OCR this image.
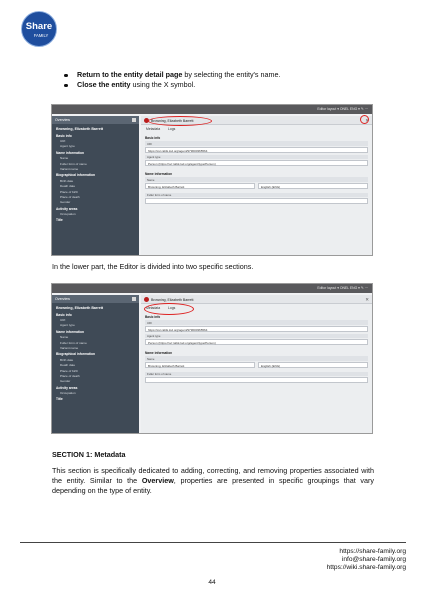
Share
FAMILY
Return to the entity detail page by selecting the entity's name.
Close the entity using the X symbol.
Editor layout ▾ ONEL ENG ▾ ✎ ⋯
Overview
Browning, Elizabeth Barrett
Basic info
URI
Agent type
Name information
Name
Fuller form of name
Variant name
Biographical information
Birth date
Death date
Place of birth
Place of death
Gender
Activity areas
Occupation
Title
Browning, Elizabeth Barrett	✕
Metadata Logs
Basic info
URI
https://svr.rabik.lod.org/agent/979600365564
Agent type
Person (https://svr.rabik.lod.org/agent/type/Person)
Name information
Name
Browning, Elizabeth Barrett	English (ENG)
Fuller form of name
In the lower part, the Editor is divided into two specific sections.
Editor layout ▾ ONEL ENG ▾ ✎ ⋯
Overview
Browning, Elizabeth Barrett
Basic info
URI
Agent type
Name information
Name
Fuller form of name
Variant name
Biographical information
Birth date
Death date
Place of birth
Place of death
Gender
Activity areas
Occupation
Title
Browning, Elizabeth Barrett	✕
Metadata Logs
Basic info
URI
https://svr.rabik.lod.org/agent/979600365564
Agent type
Person (https://svr.rabik.lod.org/agent/type/Person)
Name information
Name
Browning, Elizabeth Barrett	English (ENG)
Fuller form of name
SECTION 1: Metadata
This section is specifically dedicated to adding, correcting, and removing properties associated with the entity. Similar to the Overview, properties are presented in specific groupings that vary depending on the type of entity.
https://share-family.org
info@share-family.org
https://wiki.share-family.org
44
